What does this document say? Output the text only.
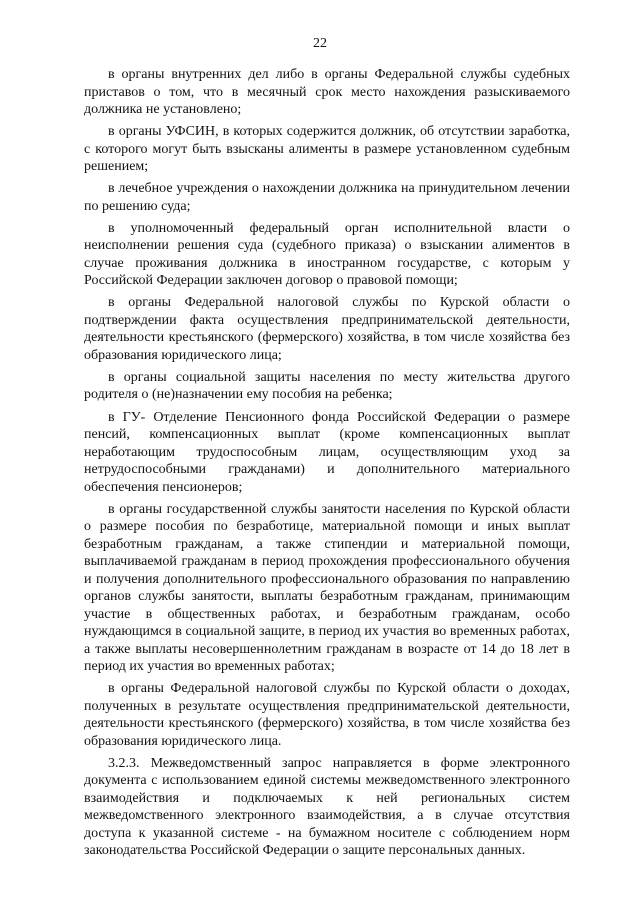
22

в органы внутренних дел либо в органы Федеральной службы судебных приставов о том, что в месячный срок место нахождения разыскиваемого должника не установлено;

в органы УФСИН, в которых содержится должник, об отсутствии заработка, с которого могут быть взысканы алименты в размере установленном судебным решением;

в лечебное учреждения о нахождении должника на принудительном лечении по решению суда;

в уполномоченный федеральный орган исполнительной власти о неисполнении решения суда (судебного приказа) о взыскании алиментов в случае проживания должника в иностранном государстве, с которым у Российской Федерации заключен договор о правовой помощи;

в органы Федеральной налоговой службы по Курской области о подтверждении факта осуществления предпринимательской деятельности, деятельности крестьянского (фермерского) хозяйства, в том числе хозяйства без образования юридического лица;

в органы социальной защиты населения по месту жительства другого родителя о (не)назначении ему пособия на ребенка;

в ГУ- Отделение Пенсионного фонда Российской Федерации о размере пенсий, компенсационных выплат (кроме компенсационных выплат неработающим трудоспособным лицам, осуществляющим уход за нетрудоспособными гражданами) и дополнительного материального обеспечения пенсионеров;

в органы государственной службы занятости населения по Курской области о размере пособия по безработице, материальной помощи и иных выплат безработным гражданам, а также стипендии и материальной помощи, выплачиваемой гражданам в период прохождения профессионального обучения и получения дополнительного профессионального образования по направлению органов службы занятости, выплаты безработным гражданам, принимающим участие в общественных работах, и безработным гражданам, особо нуждающимся в социальной защите, в период их участия во временных работах, а также выплаты несовершеннолетним гражданам в возрасте от 14 до 18 лет в период их участия во временных работах;

в органы Федеральной налоговой службы по Курской области о доходах, полученных в результате осуществления предпринимательской деятельности, деятельности крестьянского (фермерского) хозяйства, в том числе хозяйства без образования юридического лица.

3.2.3. Межведомственный запрос направляется в форме электронного документа с использованием единой системы межведомственного электронного взаимодействия и подключаемых к ней региональных систем межведомственного электронного взаимодействия, а в случае отсутствия доступа к указанной системе - на бумажном носителе с соблюдением норм законодательства Российской Федерации о защите персональных данных.
